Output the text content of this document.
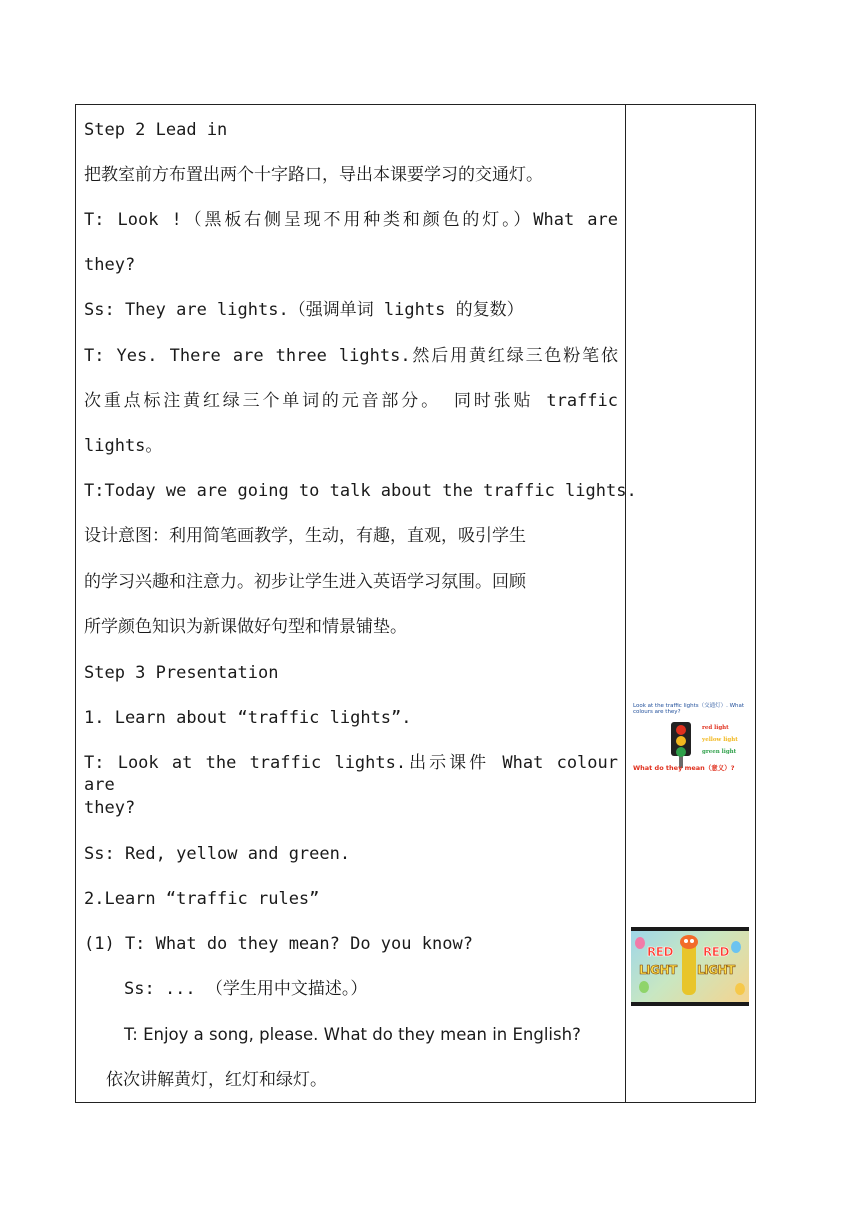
Step 2 Lead in
把教室前方布置出两个十字路口，导出本课要学习的交通灯。
T: Look !（黑板右侧呈现不用种类和颜色的灯。）What are
they?
Ss: They are lights.（强调单词 lights 的复数）
T: Yes. There are three lights.然后用黄红绿三色粉笔依
次重点标注黄红绿三个单词的元音部分。 同时张贴 traffic
lights。
T:Today we are going to talk about the traffic lights.
设计意图：利用简笔画教学，生动，有趣，直观，吸引学生
的学习兴趣和注意力。初步让学生进入英语学习氛围。回顾
所学颜色知识为新课做好句型和情景铺垫。
Step 3 Presentation
1. Learn about “traffic lights”.
T: Look at the traffic lights.出示课件 What colour are
they?
Ss: Red, yellow and green.
2.Learn “traffic rules”
(1) T: What do they mean? Do you know?
Ss: ... （学生用中文描述。）
T: Enjoy a song, please. What do they mean in English?
依次讲解黄灯，红灯和绿灯。
Look at the traffic lights（交通灯）. What
colours are they?
red light
yellow light
green light
What do they mean（意义）?
RED
LIGHT
RED
LIGHT
